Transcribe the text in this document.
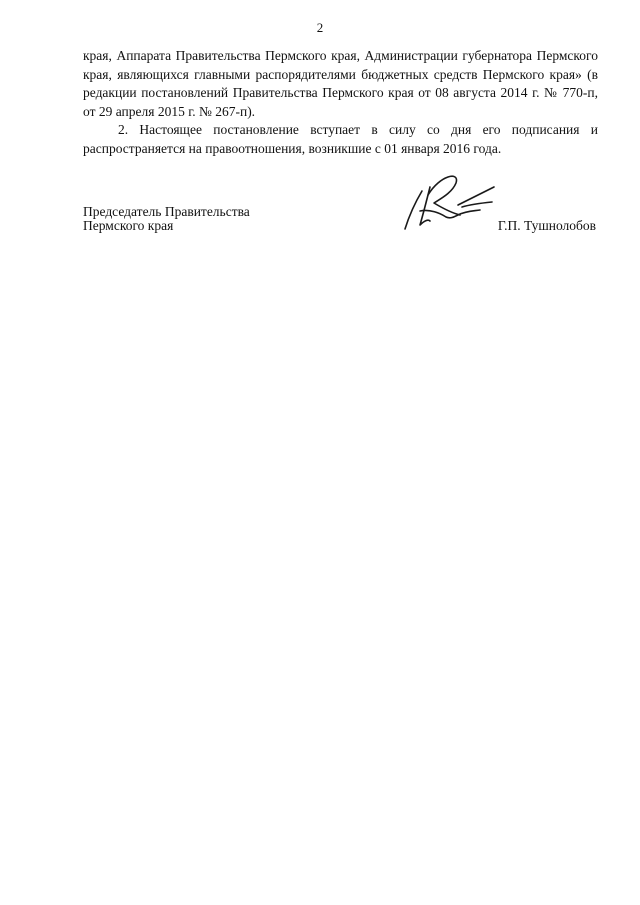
2

края, Аппарата Правительства Пермского края, Администрации губернатора Пермского края, являющихся главными распорядителями бюджетных средств Пермского края» (в редакции постановлений Правительства Пермского края от 08 августа 2014 г. № 770-п, от 29 апреля 2015 г. № 267-п).

2. Настоящее постановление вступает в силу со дня его подписания и распространяется на правоотношения, возникшие с 01 января 2016 года.

Председатель Правительства
Пермского края	Г.П. Тушнолобов
